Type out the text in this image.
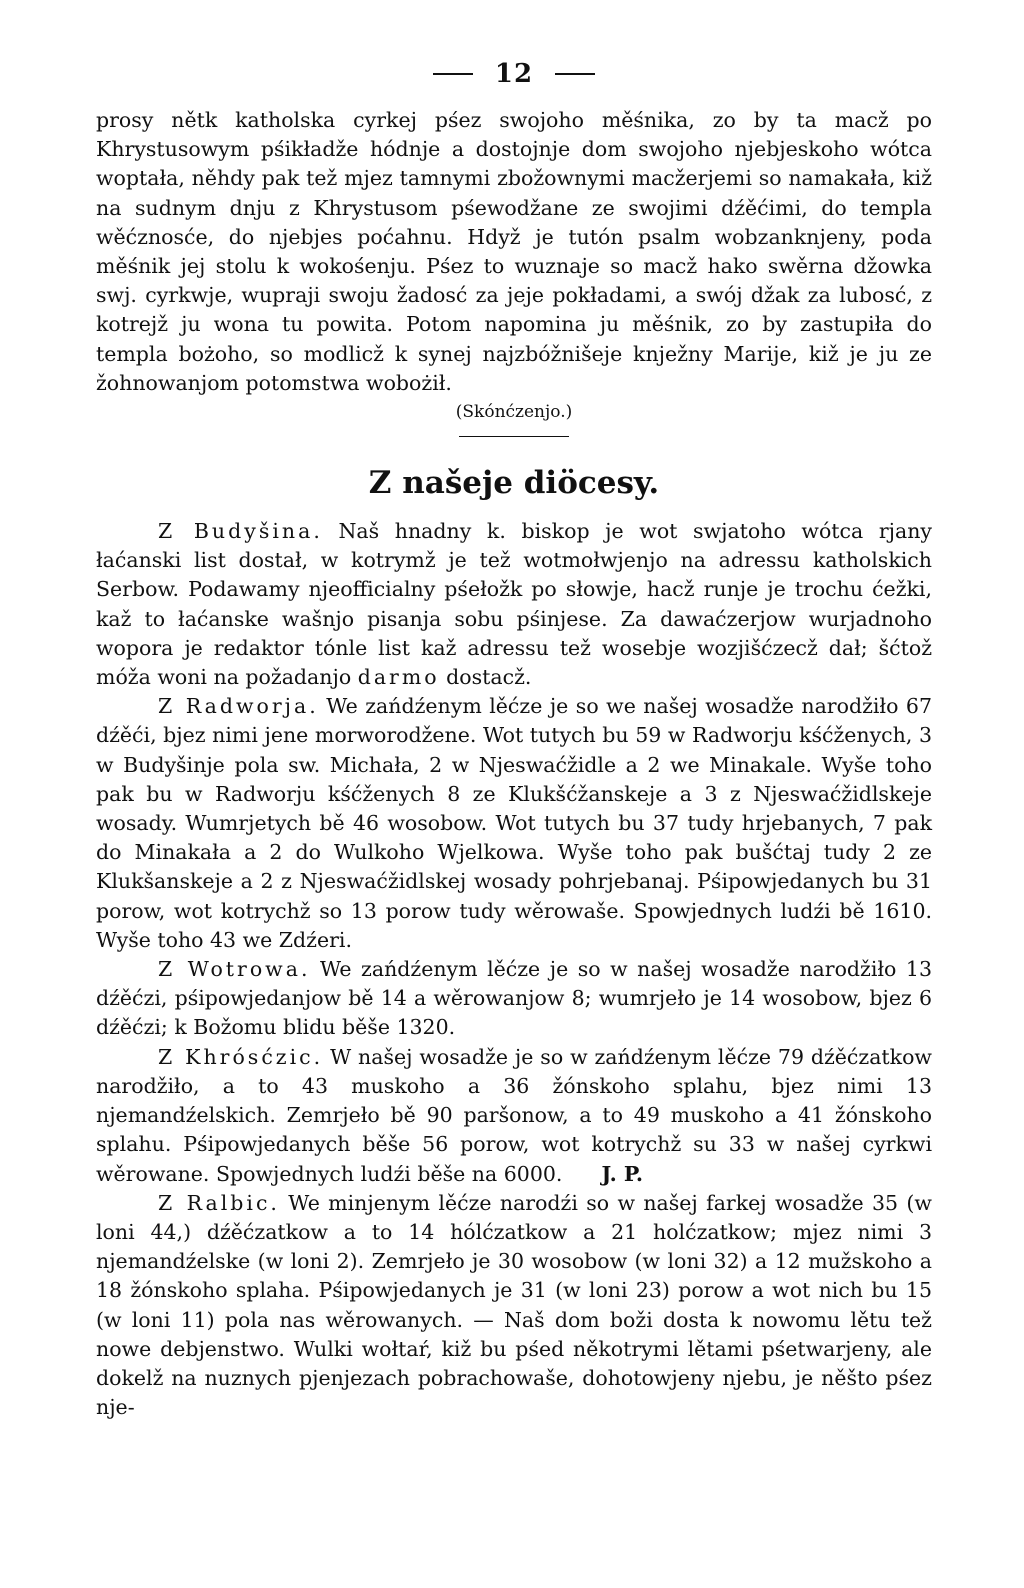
12

prosy nětk katholska cyrkej pśez swojoho měśnika, zo by ta macž po Khrystusowym pśikładže hódnje a dostojnje dom swojoho njebjeskoho wótca woptała, něhdy pak tež mjez tamnymi zbožownymi macžerjemi so namakała, kiž na sudnym dnju z Khrystusom pśewodžane ze swojimi dźěćimi, do templa wěćznosće, do njebjes poćahnu. Hdyž je tutón psalm wobzanknjeny, poda měśnik jej stolu k wokośenju. Pśez to wuznaje so macž hako swěrna džowka swj. cyrkwje, wupraji swoju žadosć za jeje pokładami, a swój džak za lubosć, z kotrejž ju wona tu powita. Potom napomina ju měśnik, zo by zastupiła do templa bożoho, so modlicž k synej najzbóžnišeje knježny Marije, kiž je ju ze žohnowanjom potomstwa wobożił.

(Skónćzenjo.)

Z našeje diöcesy.

Z Budyšina. Naš hnadny k. biskop je wot swjatoho wótca rjany łaćanski list dostał, w kotrymž je tež wotmołwjenjo na adressu katholskich Serbow. Podawamy njeofficialny pśełožk po słowje, hacž runje je trochu ćežki, kaž to łaćanske wašnjo pisanja sobu pśinjese. Za dawaćzerjow wurjadnoho wopora je redaktor tónle list kaž adressu tež wosebje wozjišćzecž dał; šćtož móža woni na požadanjo darmo dostacž.

Z Radworja. We zańdźenym lěćze je so we našej wosadže narodžiło 67 dźěći, bjez nimi jene morworodžene. Wot tutych bu 59 w Radworju kśćženych, 3 w Budyšinje pola sw. Michała, 2 w Njeswaćžidle a 2 we Minakale. Wyše toho pak bu w Radworju kśćženych 8 ze Klukšćžanskeje a 3 z Njeswaćžidlskeje wosady. Wumrjetych bě 46 wosobow. Wot tutych bu 37 tudy hrjebanych, 7 pak do Minakała a 2 do Wulkoho Wjelkowa. Wyše toho pak bušćtaj tudy 2 ze Klukšanskeje a 2 z Njeswaćžidlskej wosady pohrjebanaj. Pśipowjedanych bu 31 porow, wot kotrychž so 13 porow tudy wěrowaše. Spowjednych ludźi bě 1610. Wyše toho 43 we Zdźeri.

Z Wotrowa. We zańdźenym lěćze je so w našej wosadže narodžiło 13 dźěćzi, pśipowjedanjow bě 14 a wěrowanjow 8; wumrjeło je 14 wosobow, bjez 6 dźěćzi; k Božomu blidu běše 1320.

Z Khrósćzic. W našej wosadže je so w zańdźenym lěćze 79 dźěćzatkow narodžiło, a to 43 muskoho a 36 žónskoho splahu, bjez nimi 13 njemandźelskich. Zemrjeło bě 90 paršonow, a to 49 muskoho a 41 žónskoho splahu. Pśipowjedanych běše 56 porow, wot kotrychž su 33 w našej cyrkwi wěrowane. Spowjednych ludźi běše na 6000. J. P.

Z Ralbic. We minjenym lěćze narodźi so w našej farkej wosadže 35 (w loni 44,) dźěćzatkow a to 14 hólćzatkow a 21 holćzatkow; mjez nimi 3 njemandźelske (w loni 2). Zemrjeło je 30 wosobow (w loni 32) a 12 mužskoho a 18 žónskoho splaha. Pśipowjedanych je 31 (w loni 23) porow a wot nich bu 15 (w loni 11) pola nas wěrowanych. — Naš dom boži dosta k nowomu lětu tež nowe debjenstwo. Wulki wołtaŕ, kiž bu pśed někotrymi lětami pśetwarjeny, ale dokelž na nuznych pjenjezach pobrachowaše, dohotowjeny njebu, je něšto pśez nje-
